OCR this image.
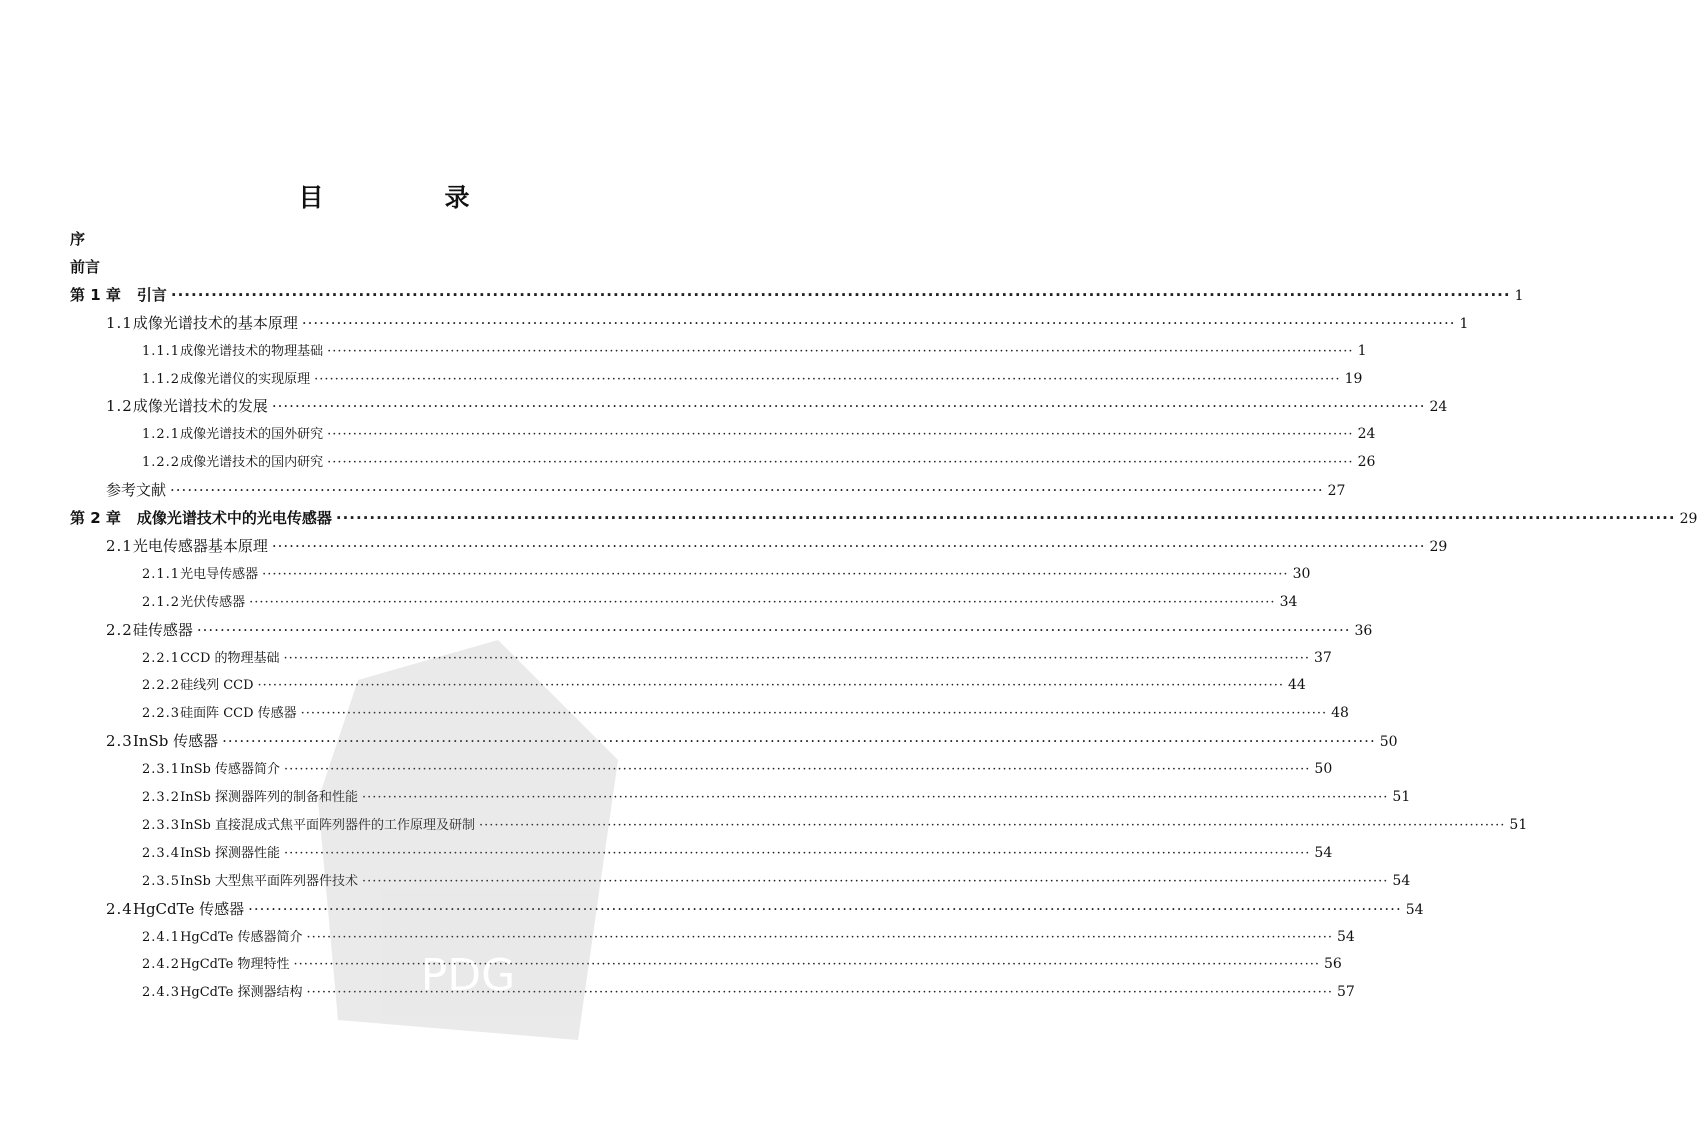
目　录
序
前言
第 1 章 引言 ········································································································································································································ 1
1.1 成像光谱技术的基本原理 ········································································································································································································ 1
1.1.1 成像光谱技术的物理基础 ········································································································································································································ 1
1.1.2 成像光谱仪的实现原理 ········································································································································································································ 19
1.2 成像光谱技术的发展 ········································································································································································································ 24
1.2.1 成像光谱技术的国外研究 ········································································································································································································ 24
1.2.2 成像光谱技术的国内研究 ········································································································································································································ 26
参考文献 ········································································································································································································ 27
第 2 章 成像光谱技术中的光电传感器 ········································································································································································································ 29
2.1 光电传感器基本原理 ········································································································································································································ 29
2.1.1 光电导传感器 ········································································································································································································ 30
2.1.2 光伏传感器 ········································································································································································································ 34
2.2 硅传感器 ········································································································································································································ 36
2.2.1 CCD 的物理基础 ········································································································································································································ 37
2.2.2 硅线列 CCD ········································································································································································································ 44
2.2.3 硅面阵 CCD 传感器 ········································································································································································································ 48
2.3 InSb 传感器 ········································································································································································································ 50
2.3.1 InSb 传感器简介 ········································································································································································································ 50
2.3.2 InSb 探测器阵列的制备和性能 ········································································································································································································ 51
2.3.3 InSb 直接混成式焦平面阵列器件的工作原理及研制 ········································································································································································································ 51
2.3.4 InSb 探测器性能 ········································································································································································································ 54
2.3.5 InSb 大型焦平面阵列器件技术 ········································································································································································································ 54
2.4 HgCdTe 传感器 ········································································································································································································ 54
2.4.1 HgCdTe 传感器简介 ········································································································································································································ 54
2.4.2 HgCdTe 物理特性 ········································································································································································································ 56
2.4.3 HgCdTe 探测器结构 ········································································································································································································ 57
PDG
